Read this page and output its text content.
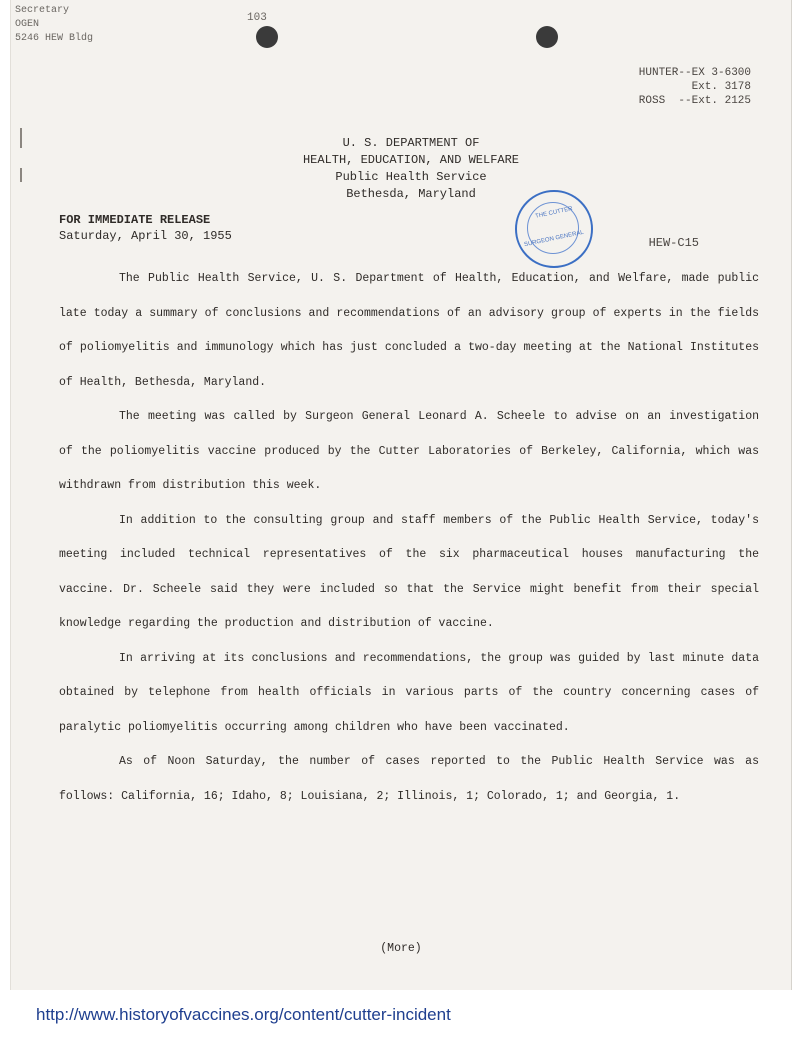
Secretary
OGEN
5246 HEW Bldg
103
HUNTER--EX 3-6300
Ext. 3178
ROSS  --Ext. 2125
U. S. DEPARTMENT OF
HEALTH, EDUCATION, AND WELFARE
Public Health Service
Bethesda, Maryland
THE CUTTER
SURGEON GENERAL
FOR IMMEDIATE RELEASE
Saturday, April 30, 1955	HEW-C15

The Public Health Service, U. S. Department of Health, Education, and Welfare, made public late today a summary of conclusions and recommendations of an advisory group of experts in the fields of poliomyelitis and immunology which has just concluded a two-day meeting at the National Institutes of Health, Bethesda, Maryland.

The meeting was called by Surgeon General Leonard A. Scheele to advise on an investigation of the poliomyelitis vaccine produced by the Cutter Laboratories of Berkeley, California, which was withdrawn from distribution this week.

In addition to the consulting group and staff members of the Public Health Service, today's meeting included technical representatives of the six pharmaceutical houses manufacturing the vaccine. Dr. Scheele said they were included so that the Service might benefit from their special knowledge regarding the production and distribution of vaccine.

In arriving at its conclusions and recommendations, the group was guided by last minute data obtained by telephone from health officials in various parts of the country concerning cases of paralytic poliomyelitis occurring among children who have been vaccinated.

As of Noon Saturday, the number of cases reported to the Public Health Service was as follows: California, 16; Idaho, 8; Louisiana, 2; Illinois, 1; Colorado, 1; and Georgia, 1.

(More)
http://www.historyofvaccines.org/content/cutter-incident
